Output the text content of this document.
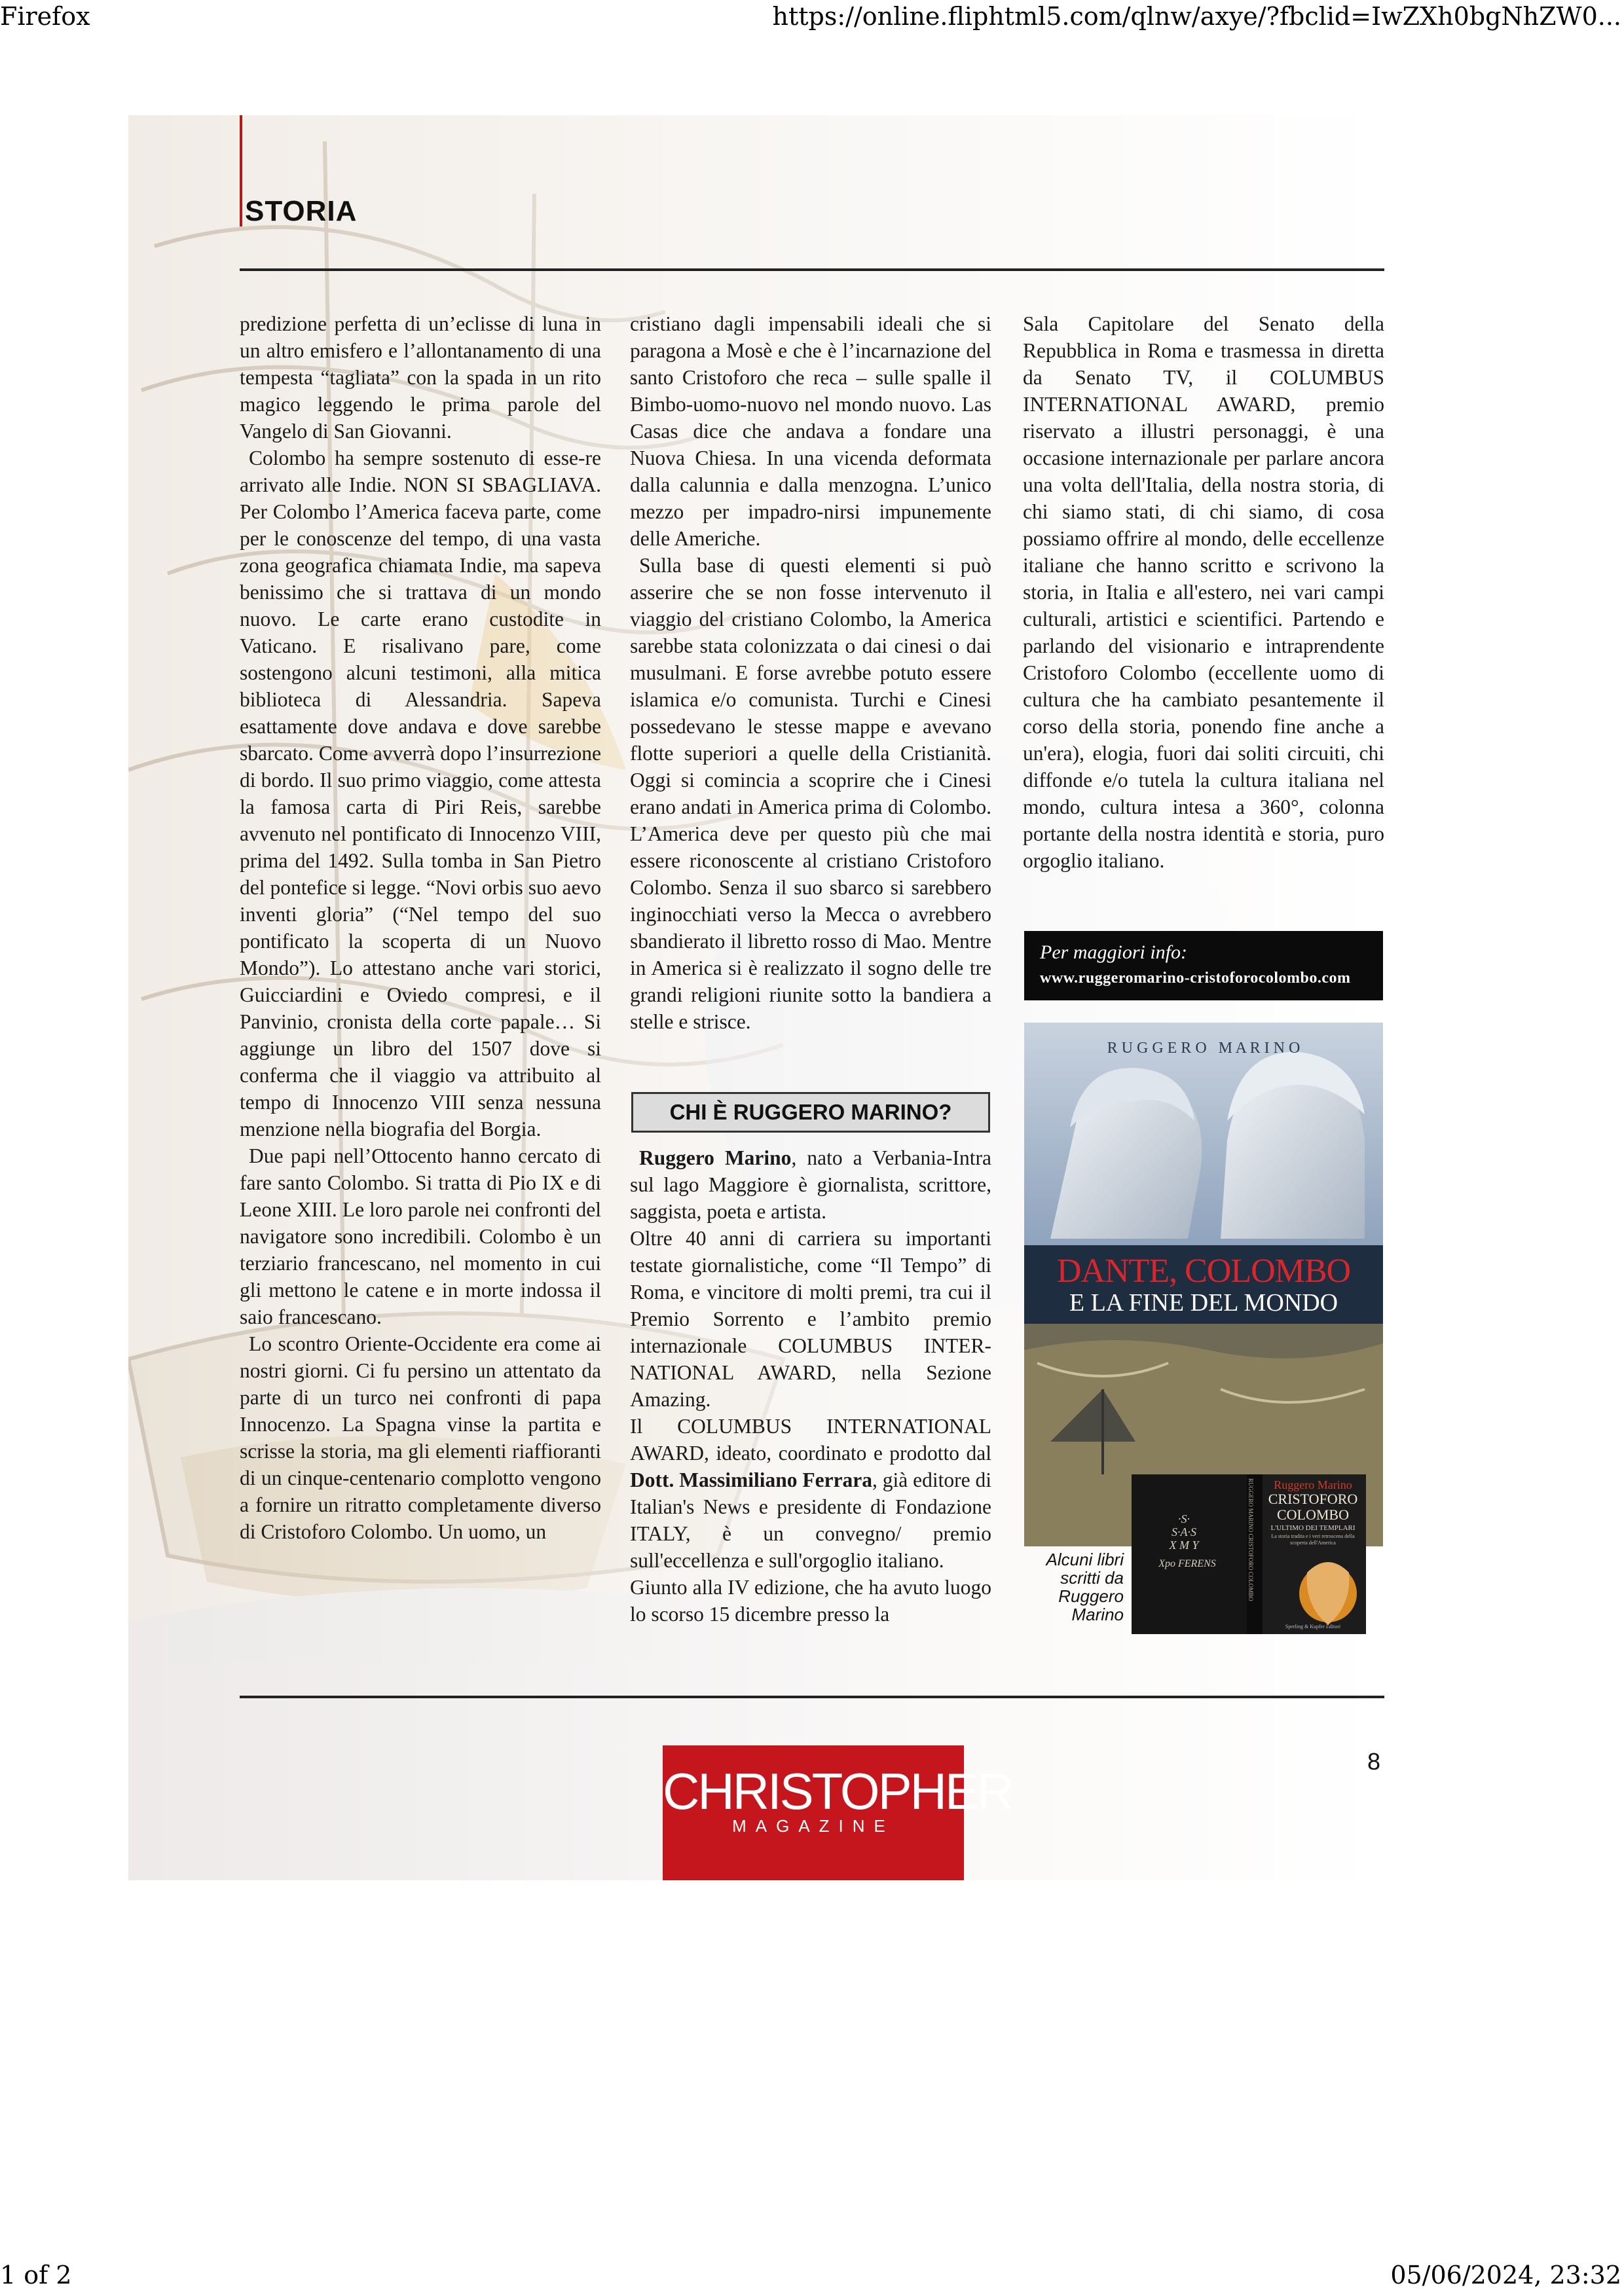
Firefox	https://online.fliphtml5.com/qlnw/axye/?fbclid=IwZXh0bgNhZW0...
1 of 2	05/06/2024, 23:32
STORIA

predizione perfetta di un’eclisse di luna in un altro emisfero e l’allontanamento di una tempesta “tagliata” con la spada in un rito magico leggendo le prima parole del Vangelo di San Giovanni.

Colombo ha sempre sostenuto di esse-re arrivato alle Indie. NON SI SBAGLIAVA. Per Colombo l’America faceva parte, come per le conoscenze del tempo, di una vasta zona geografica chiamata Indie, ma sapeva benissimo che si trattava di un mondo nuovo. Le carte erano custodite in Vaticano. E risalivano pare, come sostengono alcuni testimoni, alla mitica biblioteca di Alessandria. Sapeva esattamente dove andava e dove sarebbe sbarcato. Come avverrà dopo l’insurrezione di bordo. Il suo primo viaggio, come attesta la famosa carta di Piri Reis, sarebbe avvenuto nel pontificato di Innocenzo VIII, prima del 1492. Sulla tomba in San Pietro del pontefice si legge. “Novi orbis suo aevo inventi gloria” (“Nel tempo del suo pontificato la scoperta di un Nuovo Mondo”). Lo attestano anche vari storici, Guicciardini e Oviedo compresi, e il Panvinio, cronista della corte papale… Si aggiunge un libro del 1507 dove si conferma che il viaggio va attribuito al tempo di Innocenzo VIII senza nessuna menzione nella biografia del Borgia.

Due papi nell’Ottocento hanno cercato di fare santo Colombo. Si tratta di Pio IX e di Leone XIII. Le loro parole nei confronti del navigatore sono incredibili. Colombo è un terziario francescano, nel momento in cui gli mettono le catene e in morte indossa il saio francescano.

Lo scontro Oriente-Occidente era come ai nostri giorni. Ci fu persino un attentato da parte di un turco nei confronti di papa Innocenzo. La Spagna vinse la partita e scrisse la storia, ma gli elementi riaffioranti di un cinque-centenario complotto vengono a fornire un ritratto completamente diverso di Cristoforo Colombo. Un uomo, un

cristiano dagli impensabili ideali che si paragona a Mosè e che è l’incarnazione del santo Cristoforo che reca – sulle spalle il Bimbo-uomo-nuovo nel mondo nuovo. Las Casas dice che andava a fondare una Nuova Chiesa. In una vicenda deformata dalla calunnia e dalla menzogna. L’unico mezzo per impadro-nirsi impunemente delle Americhe.

Sulla base di questi elementi si può asserire che se non fosse intervenuto il viaggio del cristiano Colombo, la America sarebbe stata colonizzata o dai cinesi o dai musulmani. E forse avrebbe potuto essere islamica e/o comunista. Turchi e Cinesi possedevano le stesse mappe e avevano flotte superiori a quelle della Cristianità. Oggi si comincia a scoprire che i Cinesi erano andati in America prima di Colombo. L’America deve per questo più che mai essere riconoscente al cristiano Cristoforo Colombo. Senza il suo sbarco si sarebbero inginocchiati verso la Mecca o avrebbero sbandierato il libretto rosso di Mao. Mentre in America si è realizzato il sogno delle tre grandi religioni riunite sotto la bandiera a stelle e strisce.

CHI È RUGGERO MARINO?

Ruggero Marino, nato a Verbania-Intra sul lago Maggiore è giornalista, scrittore, saggista, poeta e artista.

Oltre 40 anni di carriera su importanti testate giornalistiche, come “Il Tempo” di Roma, e vincitore di molti premi, tra cui il Premio Sorrento e l’ambito premio internazionale COLUMBUS INTER-NATIONAL AWARD, nella Sezione Amazing.

Il COLUMBUS INTERNATIONAL AWARD, ideato, coordinato e prodotto dal Dott. Massimiliano Ferrara, già editore di Italian's News e presidente di Fondazione ITALY, è un convegno/ premio sull'eccellenza e sull'orgoglio italiano.

Giunto alla IV edizione, che ha avuto luogo lo scorso 15 dicembre presso la

Sala Capitolare del Senato della Repubblica in Roma e trasmessa in diretta da Senato TV, il COLUMBUS INTERNATIONAL AWARD, premio riservato a illustri personaggi, è una occasione internazionale per parlare ancora una volta dell'Italia, della nostra storia, di chi siamo stati, di chi siamo, di cosa possiamo offrire al mondo, delle eccellenze italiane che hanno scritto e scrivono la storia, in Italia e all'estero, nei vari campi culturali, artistici e scientifici. Partendo e parlando del visionario e intraprendente Cristoforo Colombo (eccellente uomo di cultura che ha cambiato pesantemente il corso della storia, ponendo fine anche a un'era), elogia, fuori dai soliti circuiti, chi diffonde e/o tutela la cultura italiana nel mondo, cultura intesa a 360°, colonna portante della nostra identità e storia, puro orgoglio italiano.

Per maggiori info:
www.ruggeromarino-cristoforocolombo.com
R U G G E R O   M A R I N O
DANTE, COLOMBO
E LA FINE DEL MONDO
Ruggero Marino
CRISTOFORO
COLOMBO
L'ULTIMO DEI TEMPLARI
La storia tradita e i veri retroscena della scoperta dell'America
·S·
S·A·S
X M Y
Xpo FERENS	RUGGERO MARINO CRISTOFORO COLOMBO
Sperling & Kupfer Editori
Alcuni libri scritti da Ruggero Marino
8
CHRISTOPHER
MAGAZINE
